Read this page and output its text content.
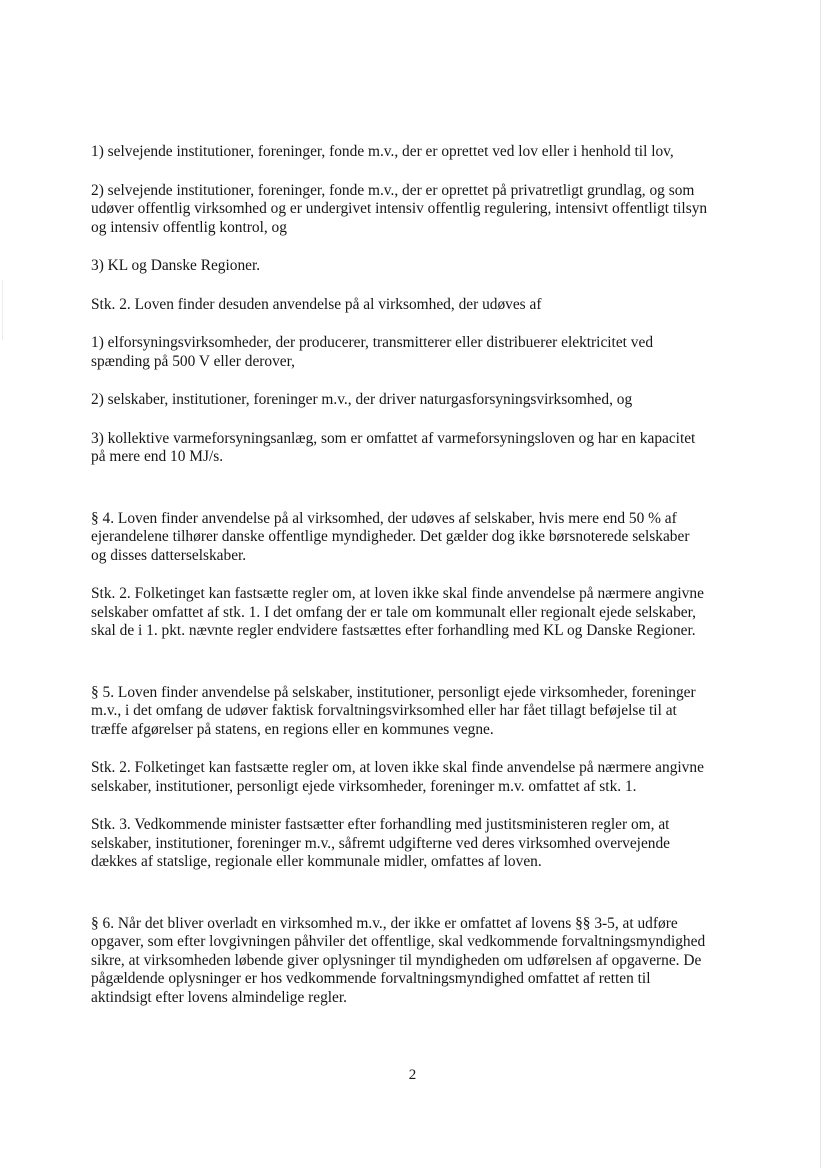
1) selvejende institutioner, foreninger, fonde m.v., der er oprettet ved lov eller i henhold til lov,

2) selvejende institutioner, foreninger, fonde m.v., der er oprettet på privatretligt grundlag, og som
udøver offentlig virksomhed og er undergivet intensiv offentlig regulering, intensivt offentligt tilsyn
og intensiv offentlig kontrol, og

3) KL og Danske Regioner.

Stk. 2. Loven finder desuden anvendelse på al virksomhed, der udøves af

1) elforsyningsvirksomheder, der producerer, transmitterer eller distribuerer elektricitet ved
spænding på 500 V eller derover,

2) selskaber, institutioner, foreninger m.v., der driver naturgasforsyningsvirksomhed, og

3) kollektive varmeforsyningsanlæg, som er omfattet af varmeforsyningsloven og har en kapacitet
på mere end 10 MJ/s.

§ 4. Loven finder anvendelse på al virksomhed, der udøves af selskaber, hvis mere end 50 % af
ejerandelene tilhører danske offentlige myndigheder. Det gælder dog ikke børsnoterede selskaber
og disses datterselskaber.

Stk. 2. Folketinget kan fastsætte regler om, at loven ikke skal finde anvendelse på nærmere angivne
selskaber omfattet af stk. 1. I det omfang der er tale om kommunalt eller regionalt ejede selskaber,
skal de i 1. pkt. nævnte regler endvidere fastsættes efter forhandling med KL og Danske Regioner.

§ 5. Loven finder anvendelse på selskaber, institutioner, personligt ejede virksomheder, foreninger
m.v., i det omfang de udøver faktisk forvaltningsvirksomhed eller har fået tillagt beføjelse til at
træffe afgørelser på statens, en regions eller en kommunes vegne.

Stk. 2. Folketinget kan fastsætte regler om, at loven ikke skal finde anvendelse på nærmere angivne
selskaber, institutioner, personligt ejede virksomheder, foreninger m.v. omfattet af stk. 1.

Stk. 3. Vedkommende minister fastsætter efter forhandling med justitsministeren regler om, at
selskaber, institutioner, foreninger m.v., såfremt udgifterne ved deres virksomhed overvejende
dækkes af statslige, regionale eller kommunale midler, omfattes af loven.

§ 6. Når det bliver overladt en virksomhed m.v., der ikke er omfattet af lovens §§ 3-5, at udføre
opgaver, som efter lovgivningen påhviler det offentlige, skal vedkommende forvaltningsmyndighed
sikre, at virksomheden løbende giver oplysninger til myndigheden om udførelsen af opgaverne. De
pågældende oplysninger er hos vedkommende forvaltningsmyndighed omfattet af retten til
aktindsigt efter lovens almindelige regler.

2
